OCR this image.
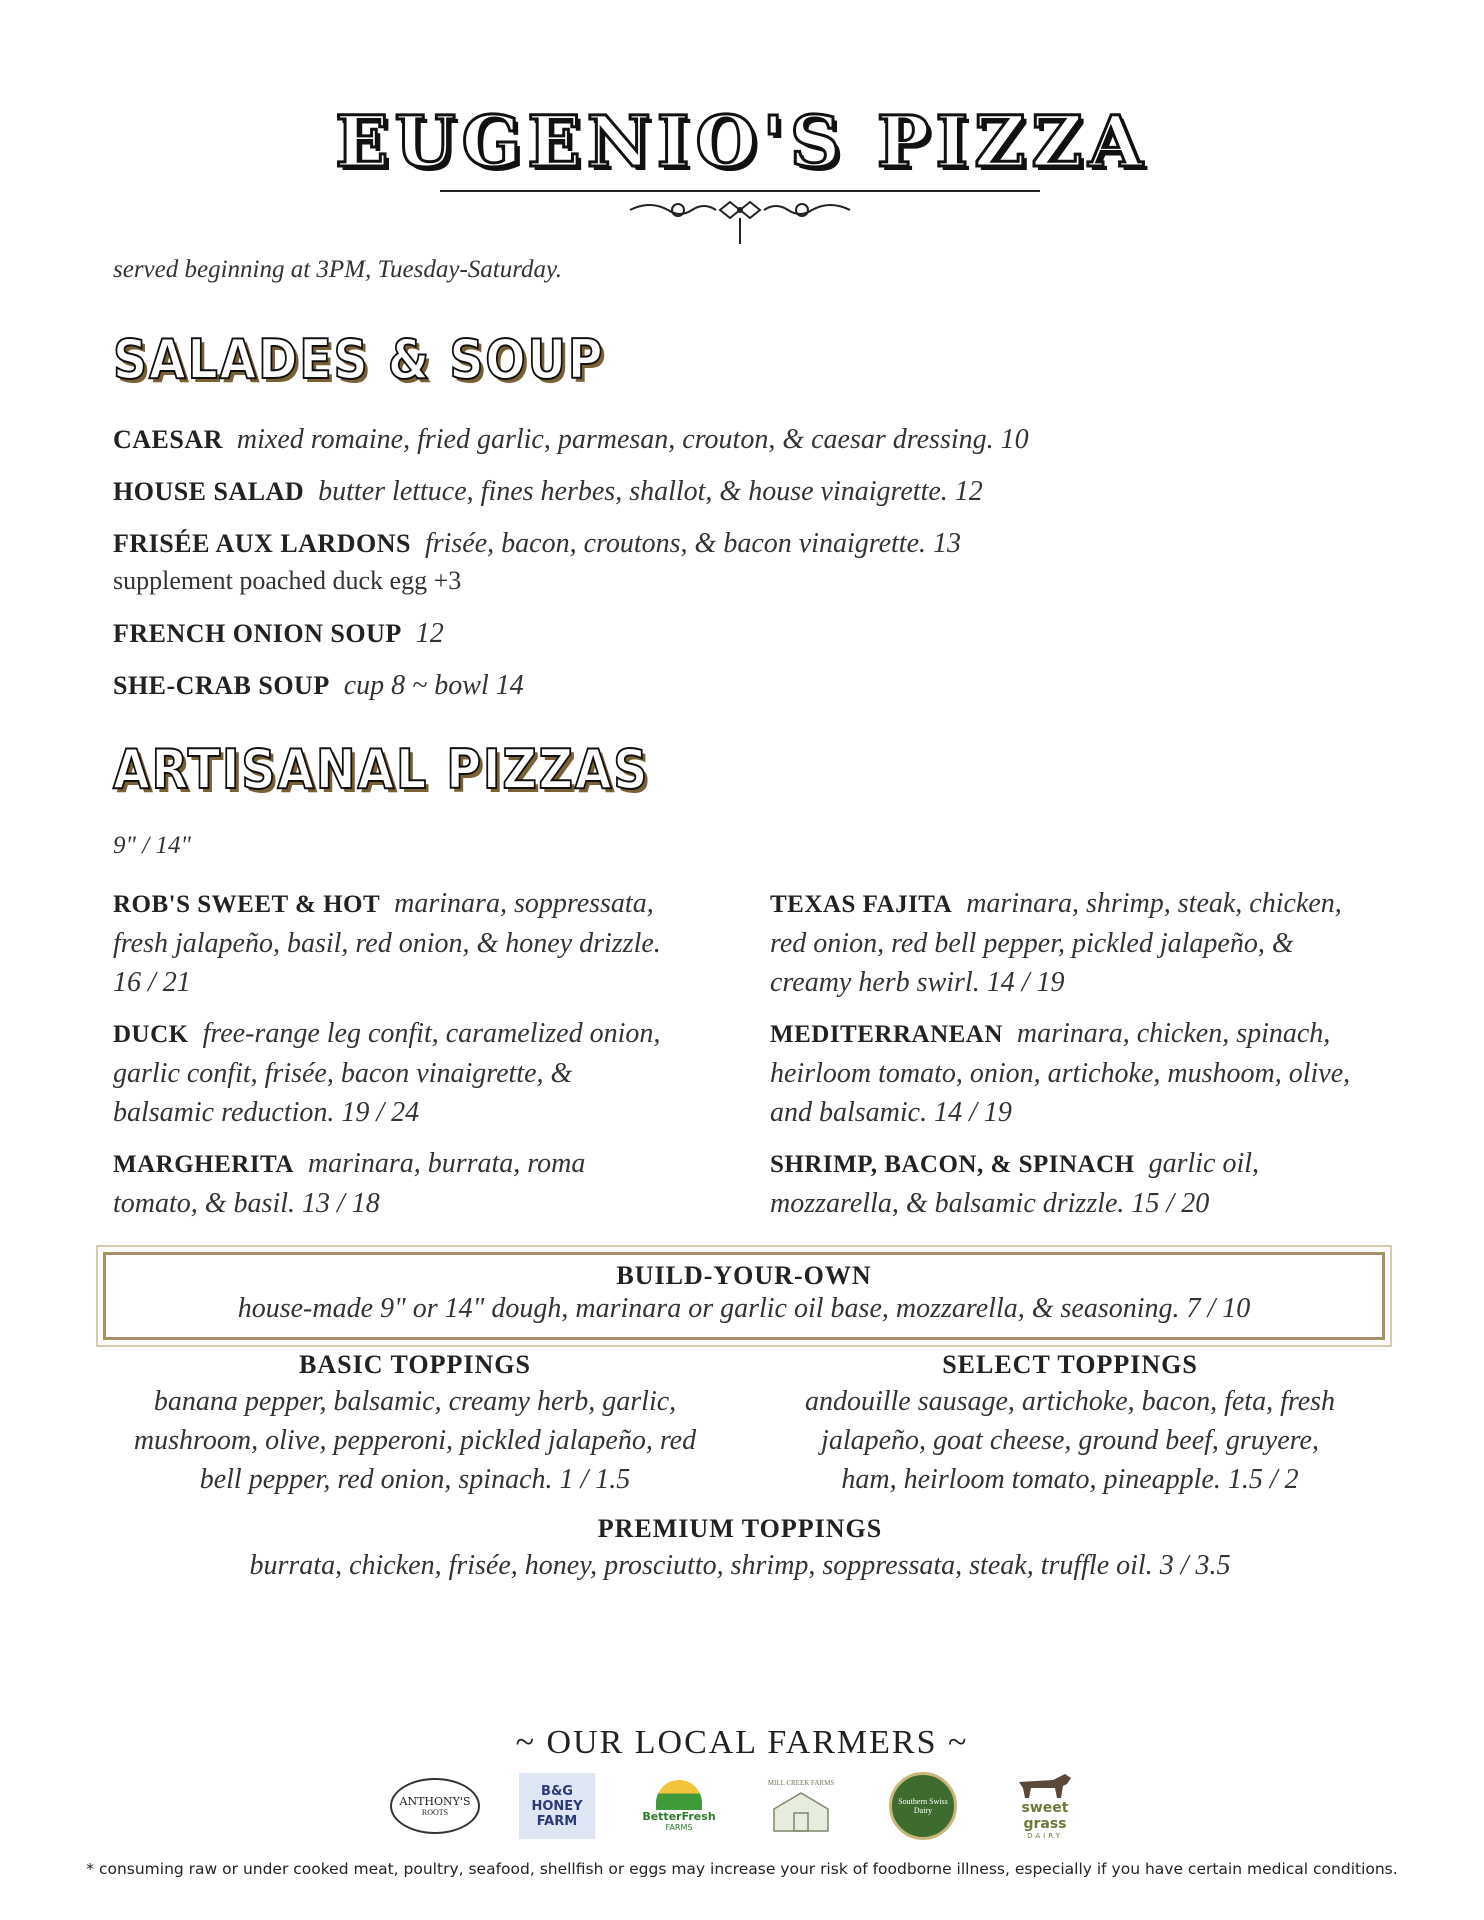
EUGENIO'S PIZZA
served beginning at 3PM, Tuesday-Saturday.
SALADES & SOUP
CAESAR mixed romaine, fried garlic, parmesan, crouton, & caesar dressing. 10
HOUSE SALAD butter lettuce, fines herbes, shallot, & house vinaigrette. 12
FRISÉE AUX LARDONS frisée, bacon, croutons, & bacon vinaigrette. 13
supplement poached duck egg +3
FRENCH ONION SOUP 12
SHE-CRAB SOUP cup 8 ~ bowl 14
ARTISANAL PIZZAS
9" / 14"
ROB'S SWEET & HOT marinara, soppressata, fresh jalapeño, basil, red onion, & honey drizzle. 16 / 21
TEXAS FAJITA marinara, shrimp, steak, chicken, red onion, red bell pepper, pickled jalapeño, & creamy herb swirl. 14 / 19
DUCK free-range leg confit, caramelized onion, garlic confit, frisée, bacon vinaigrette, & balsamic reduction. 19 / 24
MEDITERRANEAN marinara, chicken, spinach, heirloom tomato, onion, artichoke, mushoom, olive, and balsamic. 14 / 19
MARGHERITA marinara, burrata, roma tomato, & basil. 13 / 18
SHRIMP, BACON, & SPINACH garlic oil, mozzarella, & balsamic drizzle. 15 / 20
BUILD-YOUR-OWN
house-made 9" or 14" dough, marinara or garlic oil base, mozzarella, & seasoning. 7 / 10
BASIC TOPPINGS
banana pepper, balsamic, creamy herb, garlic, mushroom, olive, pepperoni, pickled jalapeño, red bell pepper, red onion, spinach. 1 / 1.5
SELECT TOPPINGS
andouille sausage, artichoke, bacon, feta, fresh jalapeño, goat cheese, ground beef, gruyere, ham, heirloom tomato, pineapple. 1.5 / 2
PREMIUM TOPPINGS
burrata, chicken, frisée, honey, prosciutto, shrimp, soppressata, steak, truffle oil. 3 / 3.5
~ OUR LOCAL FARMERS ~
ANTHONY'S
ROOTS
B&G HONEY FARM	BetterFresh
FARMS
MILL CREEK FARMS
Southern Swiss Dairy	sweet grass
DAIRY
* consuming raw or under cooked meat, poultry, seafood, shellfish or eggs may increase your risk of foodborne illness, especially if you have certain medical conditions.
